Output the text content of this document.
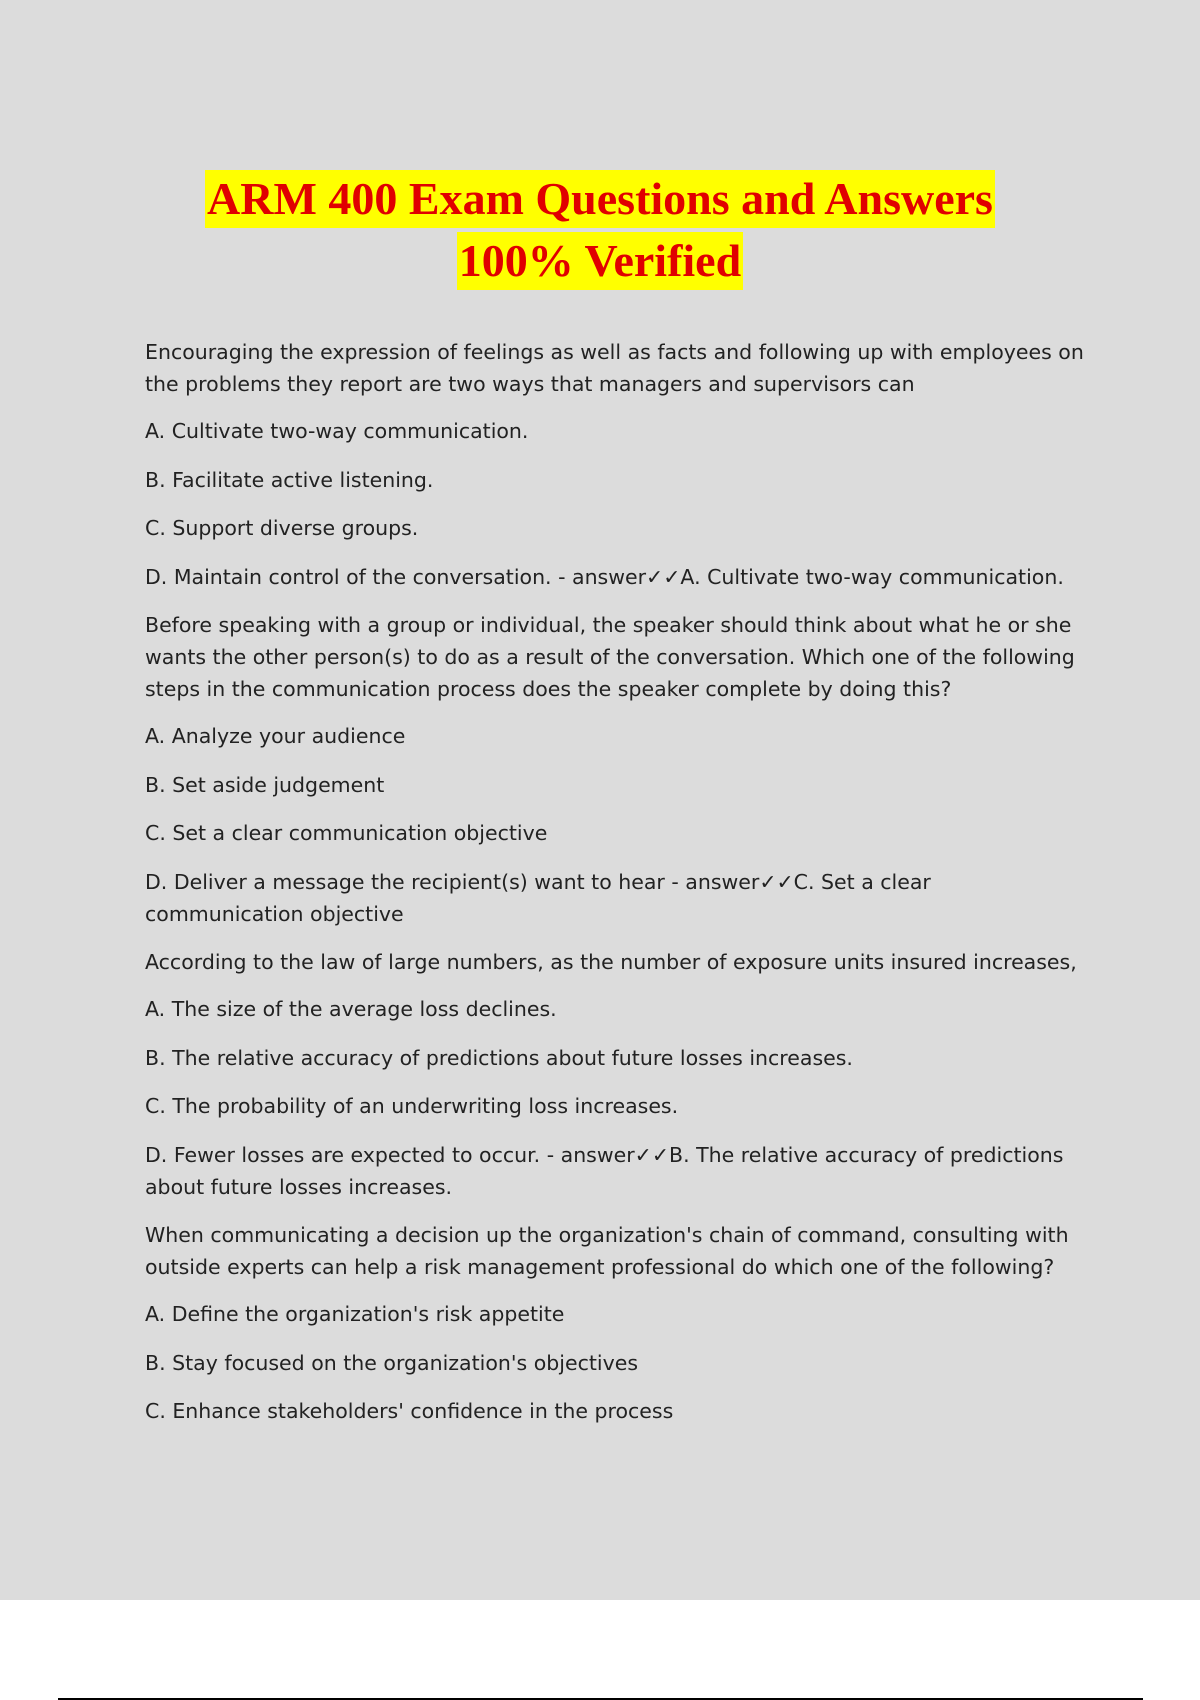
ARM 400 Exam Questions and Answers
100% Verified

Encouraging the expression of feelings as well as facts and following up with employees on the problems they report are two ways that managers and supervisors can

A. Cultivate two-way communication.

B. Facilitate active listening.

C. Support diverse groups.

D. Maintain control of the conversation. - answer✓✓A. Cultivate two-way communication.

Before speaking with a group or individual, the speaker should think about what he or she wants the other person(s) to do as a result of the conversation. Which one of the following steps in the communication process does the speaker complete by doing this?

A. Analyze your audience

B. Set aside judgement

C. Set a clear communication objective

D. Deliver a message the recipient(s) want to hear - answer✓✓C. Set a clear communication objective

According to the law of large numbers, as the number of exposure units insured increases,

A. The size of the average loss declines.

B. The relative accuracy of predictions about future losses increases.

C. The probability of an underwriting loss increases.

D. Fewer losses are expected to occur. - answer✓✓B. The relative accuracy of predictions about future losses increases.

When communicating a decision up the organization's chain of command, consulting with outside experts can help a risk management professional do which one of the following?

A. Define the organization's risk appetite

B. Stay focused on the organization's objectives

C. Enhance stakeholders' confidence in the process
